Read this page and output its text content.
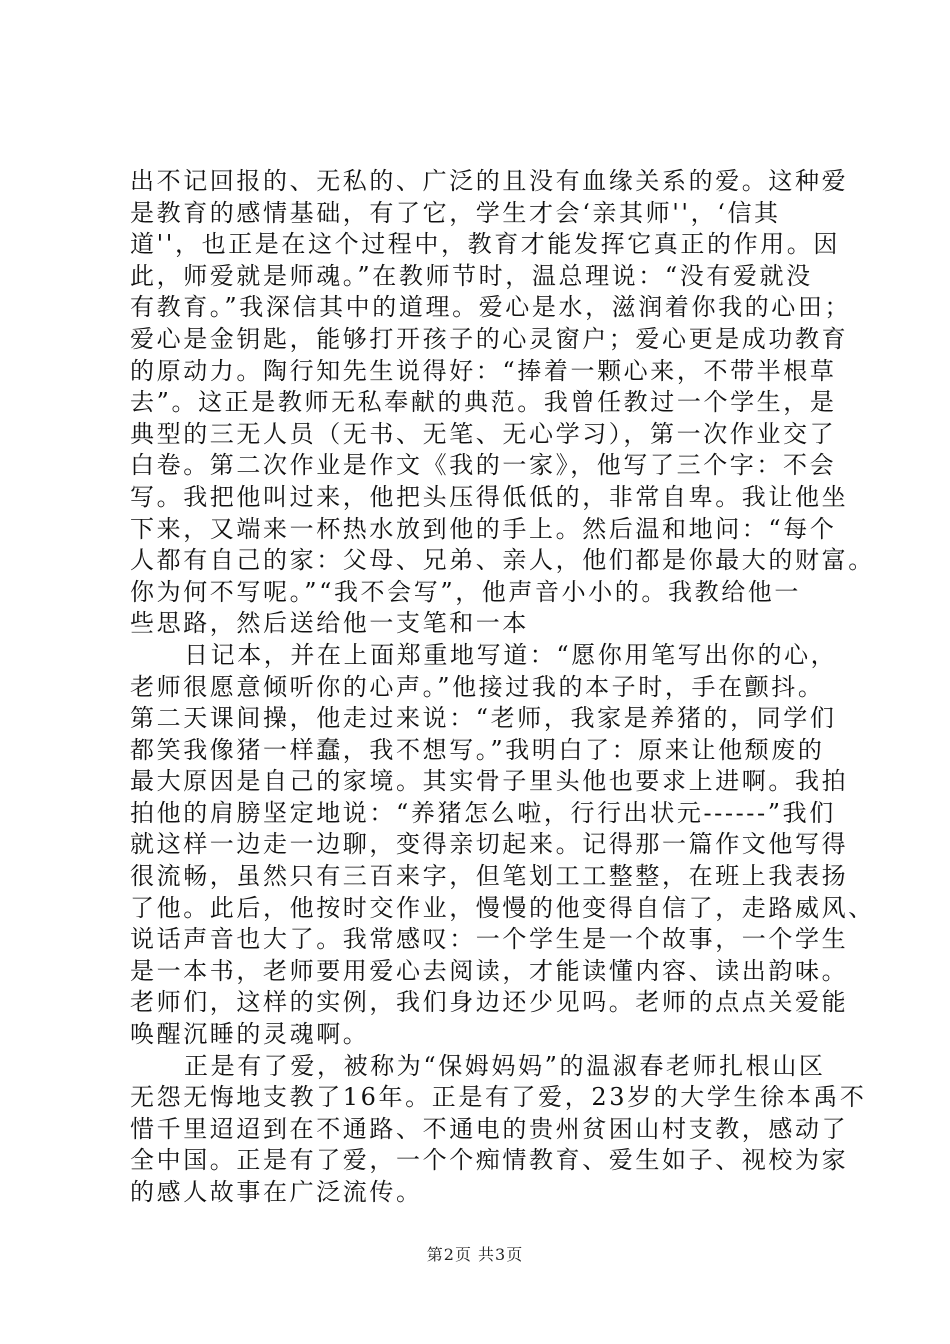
出不记回报的、无私的、广泛的且没有血缘关系的爱。这种爱
是教育的感情基础，有了它，学生才会‘亲其师''，‘信其
道''，也正是在这个过程中，教育才能发挥它真正的作用。因
此，师爱就是师魂。”在教师节时，温总理说：“没有爱就没
有教育。”我深信其中的道理。爱心是水，滋润着你我的心田；
爱心是金钥匙，能够打开孩子的心灵窗户；爱心更是成功教育
的原动力。陶行知先生说得好：“捧着一颗心来，不带半根草
去”。这正是教师无私奉献的典范。我曾任教过一个学生，是
典型的三无人员（无书、无笔、无心学习），第一次作业交了
白卷。第二次作业是作文《我的一家》，他写了三个字：不会
写。我把他叫过来，他把头压得低低的，非常自卑。我让他坐
下来，又端来一杯热水放到他的手上。然后温和地问：“每个
人都有自己的家：父母、兄弟、亲人，他们都是你最大的财富。
你为何不写呢。”“我不会写”，他声音小小的。我教给他一
些思路，然后送给他一支笔和一本
日记本，并在上面郑重地写道：“愿你用笔写出你的心，
老师很愿意倾听你的心声。”他接过我的本子时，手在颤抖。
第二天课间操，他走过来说：“老师，我家是养猪的，同学们
都笑我像猪一样蠢，我不想写。”我明白了：原来让他颓废的
最大原因是自己的家境。其实骨子里头他也要求上进啊。我拍
拍他的肩膀坚定地说：“养猪怎么啦，行行出状元------”我们
就这样一边走一边聊，变得亲切起来。记得那一篇作文他写得
很流畅，虽然只有三百来字，但笔划工工整整，在班上我表扬
了他。此后，他按时交作业，慢慢的他变得自信了，走路威风、
说话声音也大了。我常感叹：一个学生是一个故事，一个学生
是一本书，老师要用爱心去阅读，才能读懂内容、读出韵味。
老师们，这样的实例，我们身边还少见吗。老师的点点关爱能
唤醒沉睡的灵魂啊。
正是有了爱，被称为“保姆妈妈”的温淑春老师扎根山区
无怨无悔地支教了16年。正是有了爱，23岁的大学生徐本禹不
惜千里迢迢到在不通路、不通电的贵州贫困山村支教，感动了
全中国。正是有了爱，一个个痴情教育、爱生如子、视校为家
的感人故事在广泛流传。
第2页 共3页
